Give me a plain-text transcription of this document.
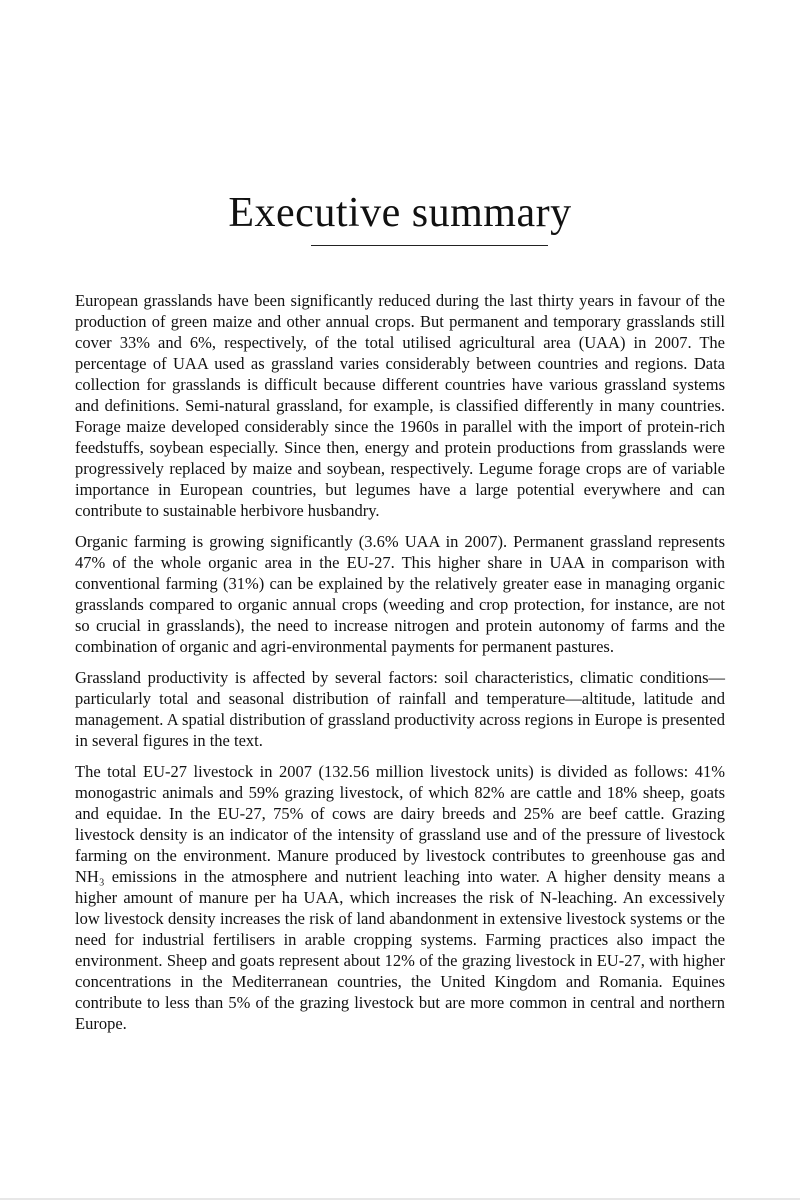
Executive summary

European grasslands have been significantly reduced during the last thirty years in favour of the production of green maize and other annual crops. But permanent and temporary grasslands still cover 33% and 6%, respectively, of the total utilised agricultural area (UAA) in 2007. The percentage of UAA used as grassland varies considerably between countries and regions. Data collection for grasslands is difficult because different countries have various grassland systems and definitions. Semi-natural grassland, for example, is classified differently in many countries. Forage maize developed considerably since the 1960s in parallel with the import of protein-rich feedstuffs, soybean especially. Since then, energy and protein productions from grasslands were progressively replaced by maize and soybean, respectively. Legume forage crops are of variable importance in European countries, but legumes have a large potential everywhere and can contribute to sustainable herbivore husbandry.

Organic farming is growing significantly (3.6% UAA in 2007). Permanent grassland represents 47% of the whole organic area in the EU-27. This higher share in UAA in comparison with conventional farming (31%) can be explained by the relatively greater ease in managing organic grasslands compared to organic annual crops (weeding and crop protection, for instance, are not so crucial in grasslands), the need to increase nitrogen and protein autonomy of farms and the combination of organic and agri-environmental payments for permanent pastures.

Grassland productivity is affected by several factors: soil characteristics, climatic conditions—particularly total and seasonal distribution of rainfall and temperature—altitude, latitude and management. A spatial distribution of grassland productivity across regions in Europe is presented in several figures in the text.

The total EU-27 livestock in 2007 (132.56 million livestock units) is divided as follows: 41% monogastric animals and 59% grazing livestock, of which 82% are cattle and 18% sheep, goats and equidae. In the EU-27, 75% of cows are dairy breeds and 25% are beef cattle. Grazing livestock density is an indicator of the intensity of grassland use and of the pressure of livestock farming on the environment. Manure produced by livestock contributes to greenhouse gas and NH₃ emissions in the atmosphere and nutrient leaching into water. A higher density means a higher amount of manure per ha UAA, which increases the risk of N-leaching. An excessively low livestock density increases the risk of land abandonment in extensive livestock systems or the need for industrial fertilisers in arable cropping systems. Farming practices also impact the environment. Sheep and goats represent about 12% of the grazing livestock in EU-27, with higher concentrations in the Mediterranean countries, the United Kingdom and Romania. Equines contribute to less than 5% of the grazing livestock but are more common in central and northern Europe.
